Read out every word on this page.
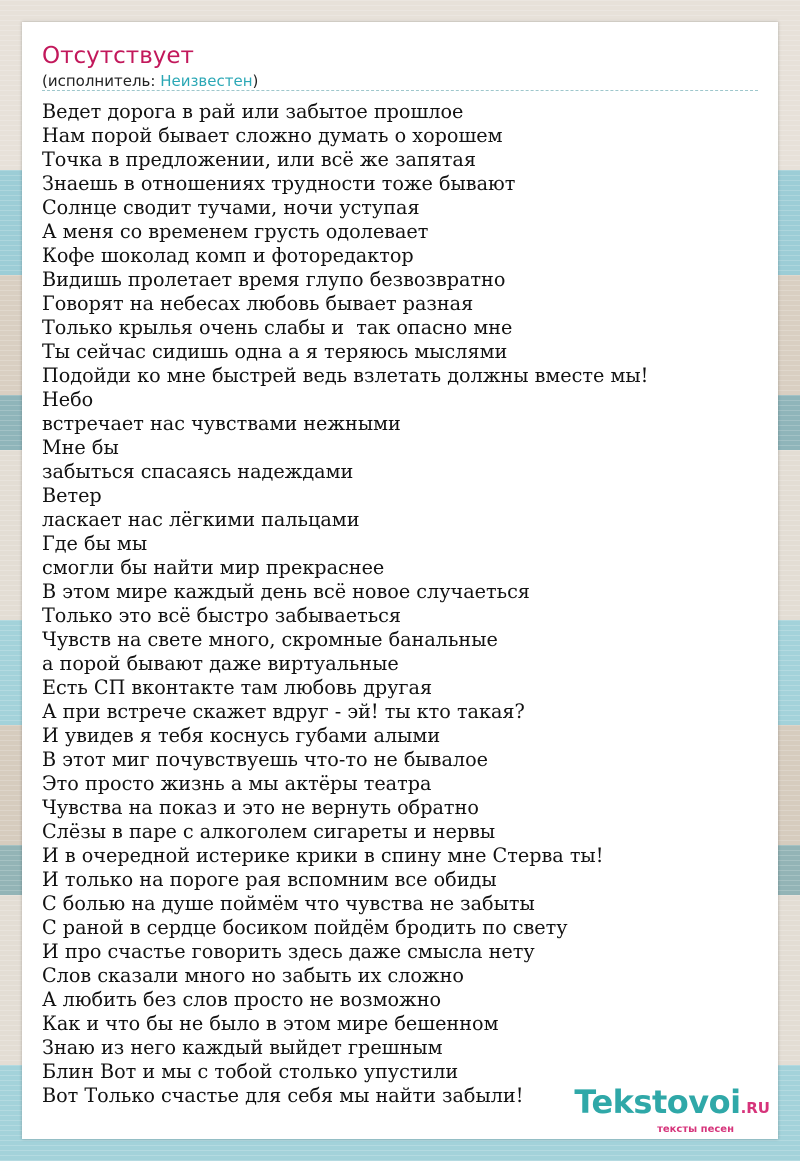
Отсутствует
(исполнитель: Неизвестен)
Ведет дорога в рай или забытое прошлое
Нам порой бывает сложно думать о хорошем
Точка в предложении, или всё же запятая
Знаешь в отношениях трудности тоже бывают
Солнце сводит тучами, ночи уступая
А меня со временем грусть одолевает
Кофе шоколад комп и фоторедактор
Видишь пролетает время глупо безвозвратно
Говорят на небесах любовь бывает разная
Только крылья очень слабы и  так опасно мне
Ты сейчас сидишь одна а я теряюсь мыслями
Подойди ко мне быстрей ведь взлетать должны вместе мы!
Небо
встречает нас чувствами нежными
Мне бы
забыться спасаясь надеждами
Ветер
ласкает нас лёгкими пальцами
Где бы мы
смогли бы найти мир прекраснее
В этом мире каждый день всё новое случаеться
Только это всё быстро забываеться
Чувств на свете много, скромные банальные
а порой бывают даже виртуальные
Есть СП вконтакте там любовь другая
А при встрече скажет вдруг - эй! ты кто такая?
И увидев я тебя коснусь губами алыми
В этот миг почувствуешь что-то не бывалое
Это просто жизнь а мы актёры театра
Чувства на показ и это не вернуть обратно
Слёзы в паре с алкоголем сигареты и нервы
И в очередной истерике крики в спину мне Стерва ты!
И только на пороге рая вспомним все обиды
С болью на душе поймём что чувства не забыты
С раной в сердце босиком пойдём бродить по свету
И про счастье говорить здесь даже смысла нету
Слов сказали много но забыть их сложно
А любить без слов просто не возможно
Как и что бы не было в этом мире бешенном
Знаю из него каждый выйдет грешным
Блин Вот и мы с тобой столько упустили
Вот Только счастье для себя мы найти забыли!	Tekstovoi.RU
тексты песен
